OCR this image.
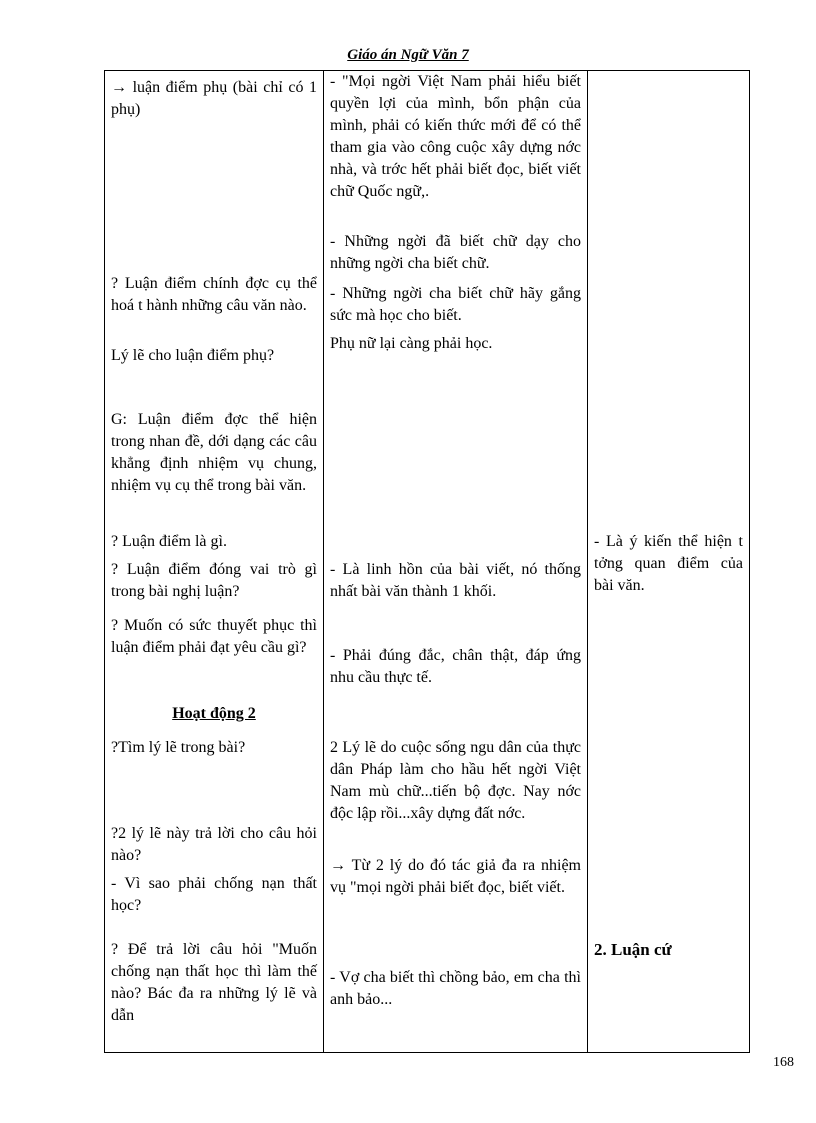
Giáo án Ngữ Văn 7

→ luận điểm phụ (bài chỉ có 1 phụ)

? Luận điểm chính đợc cụ thể hoá t hành những câu văn nào.

Lý lẽ cho luận điểm phụ?

G: Luận điểm đợc thể hiện trong nhan đề, dới dạng các câu khẳng định nhiệm vụ chung, nhiệm vụ cụ thể trong bài văn.

? Luận điểm là gì.

? Luận điểm đóng vai trò gì trong bài nghị luận?

? Muốn có sức thuyết phục thì luận điểm phải đạt yêu cầu gì?

Hoạt động 2

?Tìm lý lẽ trong bài?

?2 lý lẽ này trả lời cho câu hỏi nào?

- Vì sao phải chống nạn thất học?

? Để trả lời câu hỏi "Muốn chống nạn thất học thì làm thế nào? Bác đa ra những lý lẽ và dẫn

- "Mọi ngời Việt Nam phải hiểu biết quyền lợi của mình, bổn phận của mình, phải có kiến thức mới để có thể tham gia vào công cuộc xây dựng nớc nhà, và trớc hết phải biết đọc, biết viết chữ Quốc ngữ,.

- Những ngời đã biết chữ dạy cho những ngời cha biết chữ.

- Những ngời cha biết chữ hãy gắng sức mà học cho biết.

Phụ nữ lại càng phải học.

- Là linh hồn của bài viết, nó thống nhất bài văn thành 1 khối.

- Phải đúng đắc, chân thật, đáp ứng nhu cầu thực tế.

2 Lý lẽ do cuộc sống ngu dân của thực dân Pháp làm cho hầu hết ngời Việt Nam mù chữ...tiến bộ đợc. Nay nớc độc lập rồi...xây dựng đất nớc.

→ Từ 2 lý do đó tác giả đa ra nhiệm vụ "mọi ngời phải biết đọc, biết viết.

- Vợ cha biết thì chồng bảo, em cha thì anh bảo...

- Là ý kiến thể hiện t tởng quan điểm của bài văn.

2. Luận cứ

168
